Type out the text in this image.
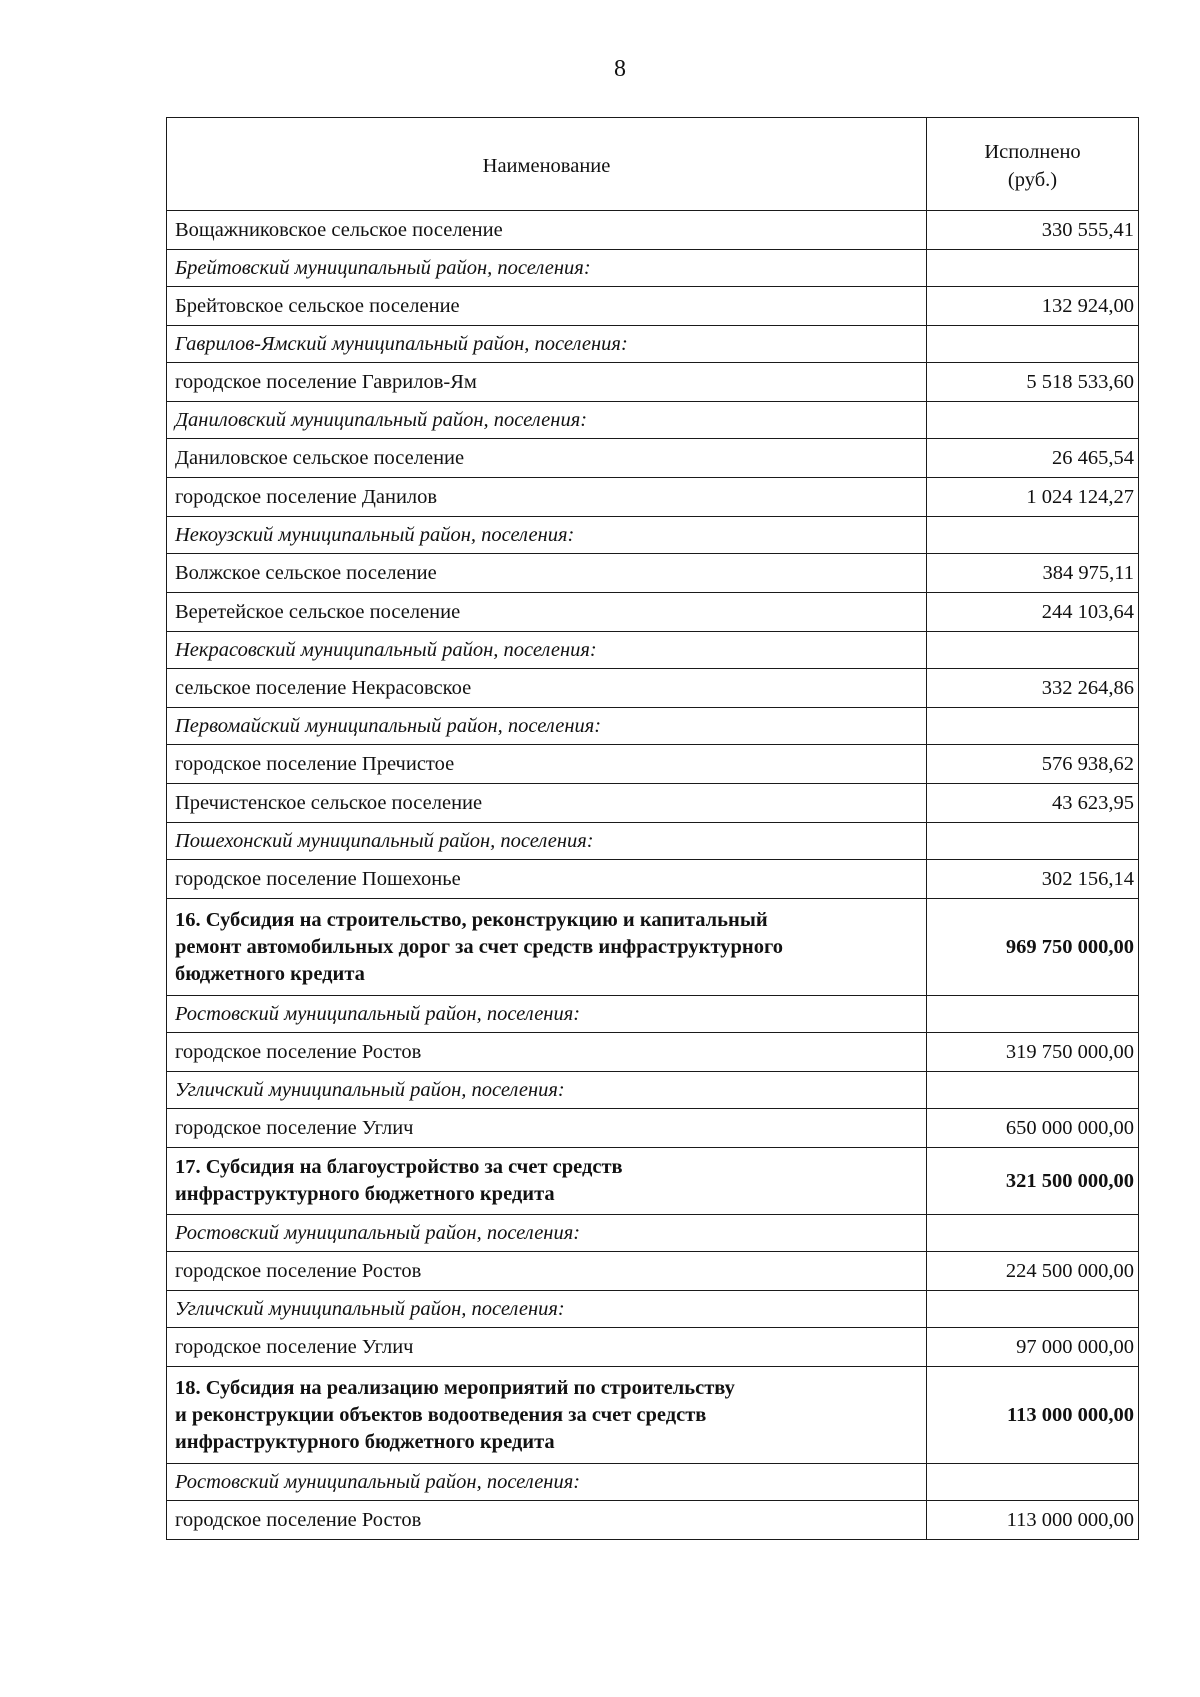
8
Наименование	Исполнено
(руб.)
Вощажниковское сельское поселение	330 555,41
Брейтовский муниципальный район, поселения:	
Брейтовское сельское поселение	132 924,00
Гаврилов-Ямский муниципальный район, поселения:	
городское поселение Гаврилов-Ям	5 518 533,60
Даниловский муниципальный район, поселения:	
Даниловское сельское поселение	26 465,54
городское поселение Данилов	1 024 124,27
Некоузский муниципальный район, поселения:	
Волжское сельское поселение	384 975,11
Веретейское сельское поселение	244 103,64
Некрасовский муниципальный район, поселения:	
сельское поселение Некрасовское	332 264,86
Первомайский муниципальный район, поселения:	
городское поселение Пречистое	576 938,62
Пречистенское сельское поселение	43 623,95
Пошехонский муниципальный район, поселения:	
городское поселение Пошехонье	302 156,14
16. Субсидия на строительство, реконструкцию и капитальный
ремонт автомобильных дорог за счет средств инфраструктурного
бюджетного кредита	969 750 000,00
Ростовский муниципальный район, поселения:	
городское поселение Ростов	319 750 000,00
Угличский муниципальный район, поселения:	
городское поселение Углич	650 000 000,00
17. Субсидия на благоустройство за счет средств
инфраструктурного бюджетного кредита	321 500 000,00
Ростовский муниципальный район, поселения:	
городское поселение Ростов	224 500 000,00
Угличский муниципальный район, поселения:	
городское поселение Углич	97 000 000,00
18. Субсидия на реализацию мероприятий по строительству
и реконструкции объектов водоотведения за счет средств
инфраструктурного бюджетного кредита	113 000 000,00
Ростовский муниципальный район, поселения:	
городское поселение Ростов	113 000 000,00
